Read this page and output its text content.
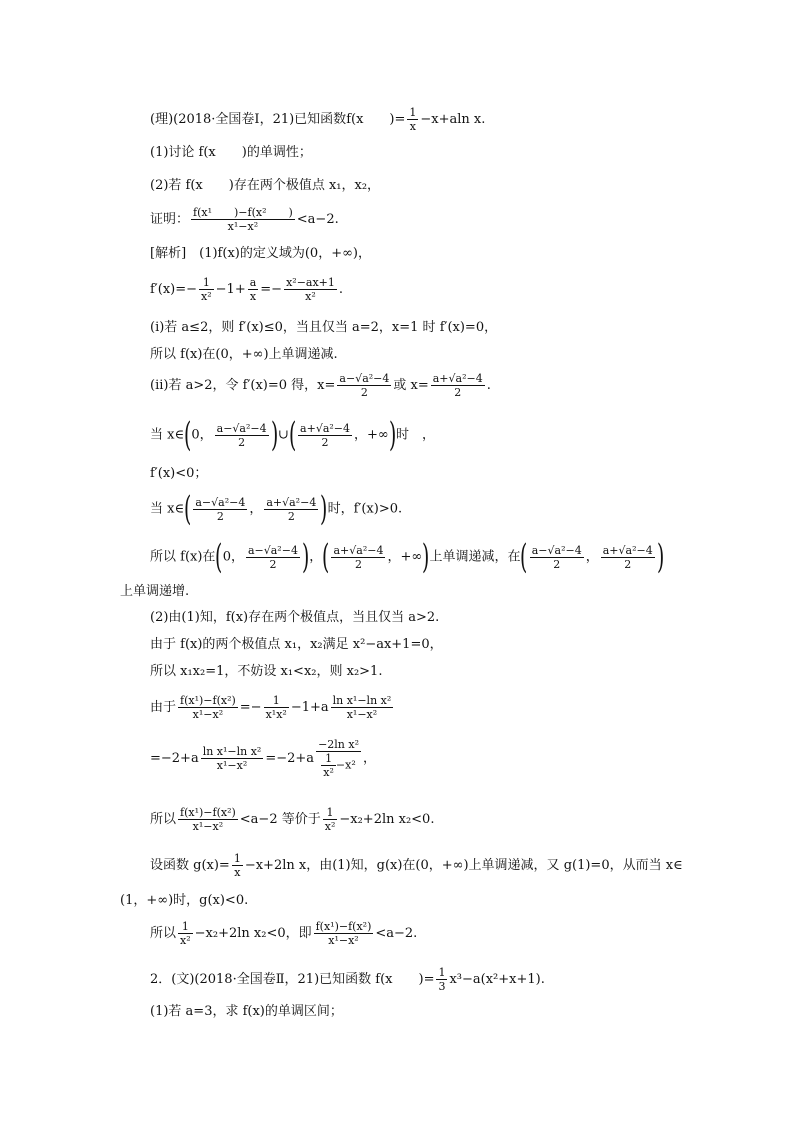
(理)(2018·全国卷Ⅰ，21)已知函数f(x　　)= $\frac{1}{x} -x+aln$ x.
(1)讨论 f(x　　)的单调性；
(2)若 f(x　　)存在两个极值点 x₁，x₂，
证明： $\frac{\text{f(x¹　　)−f(x²　　)}}{\text{x¹−x²}} <a-2$.
[解析]　(1)f(x)的定义域为(0，+∞)，
$f'(x)=- \frac{1}{\text{x²}} -1+ \frac{a}{x} =- \frac{\text{x²−ax+1}}{\text{x²}}$ .
(i)若 a≤2，则 f′(x)≤0，当且仅当 a=2，x=1 时 f′(x)=0，
所以 f(x)在(0，+∞)上单调递减.
(ii)若 a>2，令 f′(x)=0 得，$x= \frac{\text{a−√a²−4}}{2}$ 或 $x= \frac{\text{a+√a²−4}}{2}$ .
当 x∈(0， $\frac{\text{a−√a²−4}}{2}$ )∪( $\frac{\text{a+√a²−4}}{2}$ ，+∞)时　，
f′(x)<0；
当 x∈( $\frac{\text{a−√a²−4}}{2}$ ， $\frac{\text{a+√a²−4}}{2}$ )时，f′(x)>0.
所以 f(x)在(0， $\frac{\text{a−√a²−4}}{2}$ )，( $\frac{\text{a+√a²−4}}{2}$ ，+∞)上单调递减，在( $\frac{\text{a−√a²−4}}{2}$ ， $\frac{\text{a+√a²−4}}{2}$ )
上单调递增.
(2)由(1)知，f(x)存在两个极值点，当且仅当 a>2.
由于 f(x)的两个极值点 x₁，x₂满足 x²−ax+1=0，
所以 x₁x₂=1，不妨设 x₁<x₂，则 x₂>1.
由于 $\frac{\text{f(x¹)−f(x²)}}{\text{x¹−x²}} =- \frac{1}{\text{x¹x²}} -1+a \frac{\text{ln x¹−ln x²}}{\text{x¹−x²}}$
$=-2+a \frac{\text{ln x¹−ln x²}}{\text{x¹−x²}} =-2+a \frac{\text{−2ln x²}}{\frac{1}{\text{x²}} -x^2}$ ，
所以 $\frac{\text{f(x¹)−f(x²)}}{\text{x¹−x²}} <a-2$ 等价于 $\frac{1}{\text{x²}} -x_2+2\ln$ x₂<0.
设函数 $g(x)= \frac{1}{x} -x+2\ln$ x，由(1)知，g(x)在(0，+∞)上单调递减，又 g(1)=0，从而当 x∈
(1，+∞)时，g(x)<0.
所以 $\frac{1}{\text{x²}} -x_2+2\ln$ x₂<0，即 $\frac{\text{f(x¹)−f(x²)}}{\text{x¹−x²}} <a-2$.
2．(文)(2018·全国卷Ⅱ，21)已知函数 f(x　　)= $\frac{1}{3} x^3-a(x^2+x+1)$.
(1)若 a=3，求 f(x)的单调区间；
